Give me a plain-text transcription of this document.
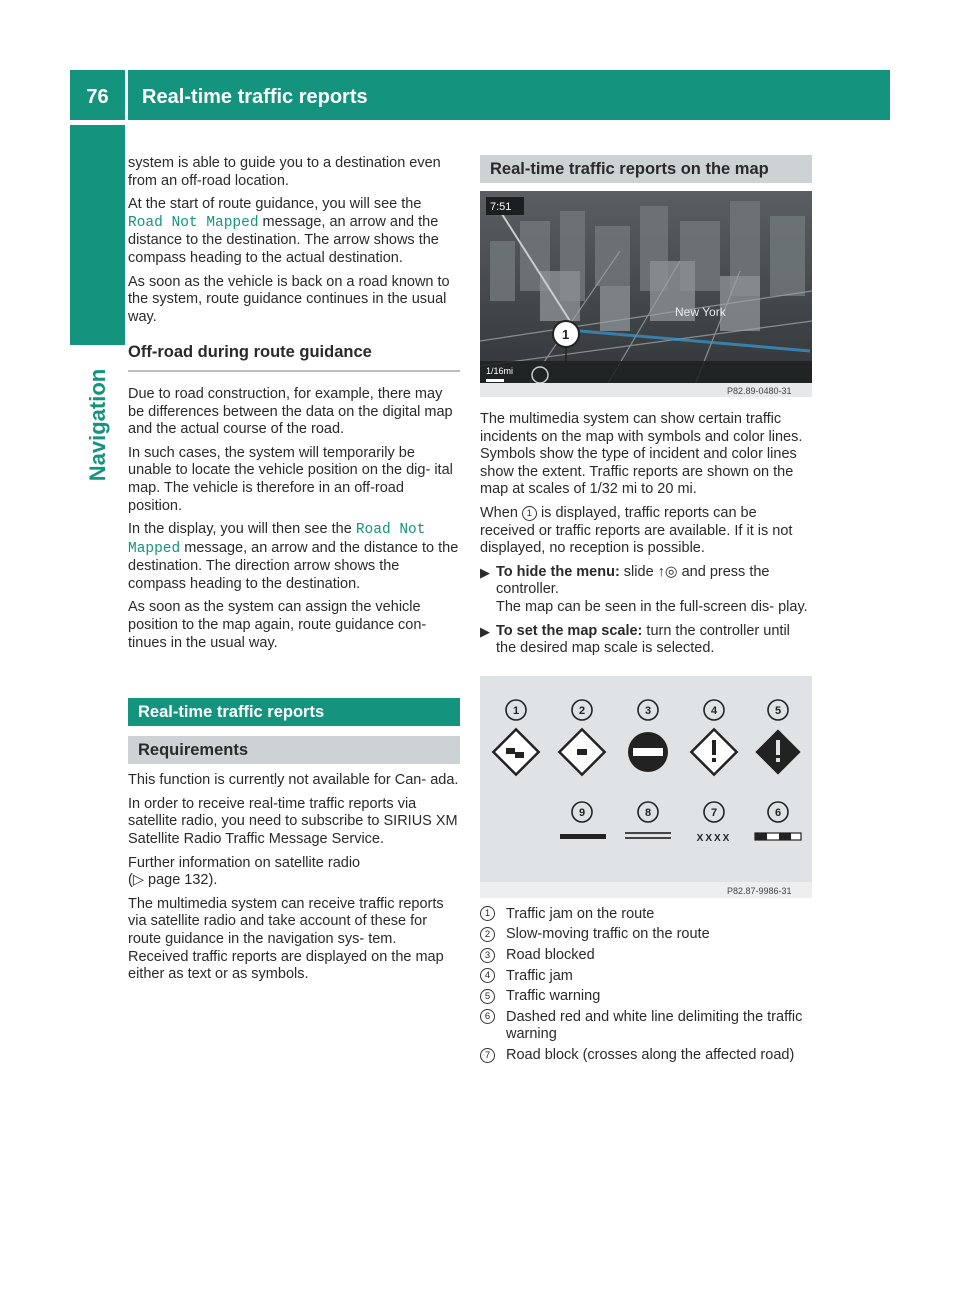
76	Real-time traffic reports
Navigation

system is able to guide you to a destination even from an off-road location.

At the start of route guidance, you will see the Road Not Mapped message, an arrow and the distance to the destination. The arrow shows the compass heading to the actual destination.

As soon as the vehicle is back on a road known to the system, route guidance continues in the usual way.

Off-road during route guidance

Due to road construction, for example, there may be differences between the data on the digital map and the actual course of the road.

In such cases, the system will temporarily be unable to locate the vehicle position on the dig- ital map. The vehicle is therefore in an off-road position.

In the display, you will then see the Road Not Mapped message, an arrow and the distance to the destination. The direction arrow shows the compass heading to the destination.

As soon as the system can assign the vehicle position to the map again, route guidance con- tinues in the usual way.

Real-time traffic reports
Requirements

This function is currently not available for Can- ada.

In order to receive real-time traffic reports via satellite radio, you need to subscribe to SIRIUS XM Satellite Radio Traffic Message Service.

Further information on satellite radio
(▷ page 132).

The multimedia system can receive traffic reports via satellite radio and take account of these for route guidance in the navigation sys- tem. Received traffic reports are displayed on the map either as text or as symbols.

Real-time traffic reports on the map
7:51
New York
1
1/16mi
P82.89-0480-31

The multimedia system can show certain traffic incidents on the map with symbols and color lines. Symbols show the type of incident and color lines show the extent. Traffic reports are shown on the map at scales of 1/32 mi to 20 mi.

When 1 is displayed, traffic reports can be received or traffic reports are available. If it is not displayed, no reception is possible.

▶ To hide the menu: slide ↑◎ and press the controller.
The map can be seen in the full-screen dis- play.
▶ To set the map scale: turn the controller until the desired map scale is selected.
1	2	3	4	5
9	8	7	6
XXXX
P82.87-9986-31
1	Traffic jam on the route
2	Slow-moving traffic on the route
3	Road blocked
4	Traffic jam
5	Traffic warning
6	Dashed red and white line delimiting the traffic warning
7	Road block (crosses along the affected road)
